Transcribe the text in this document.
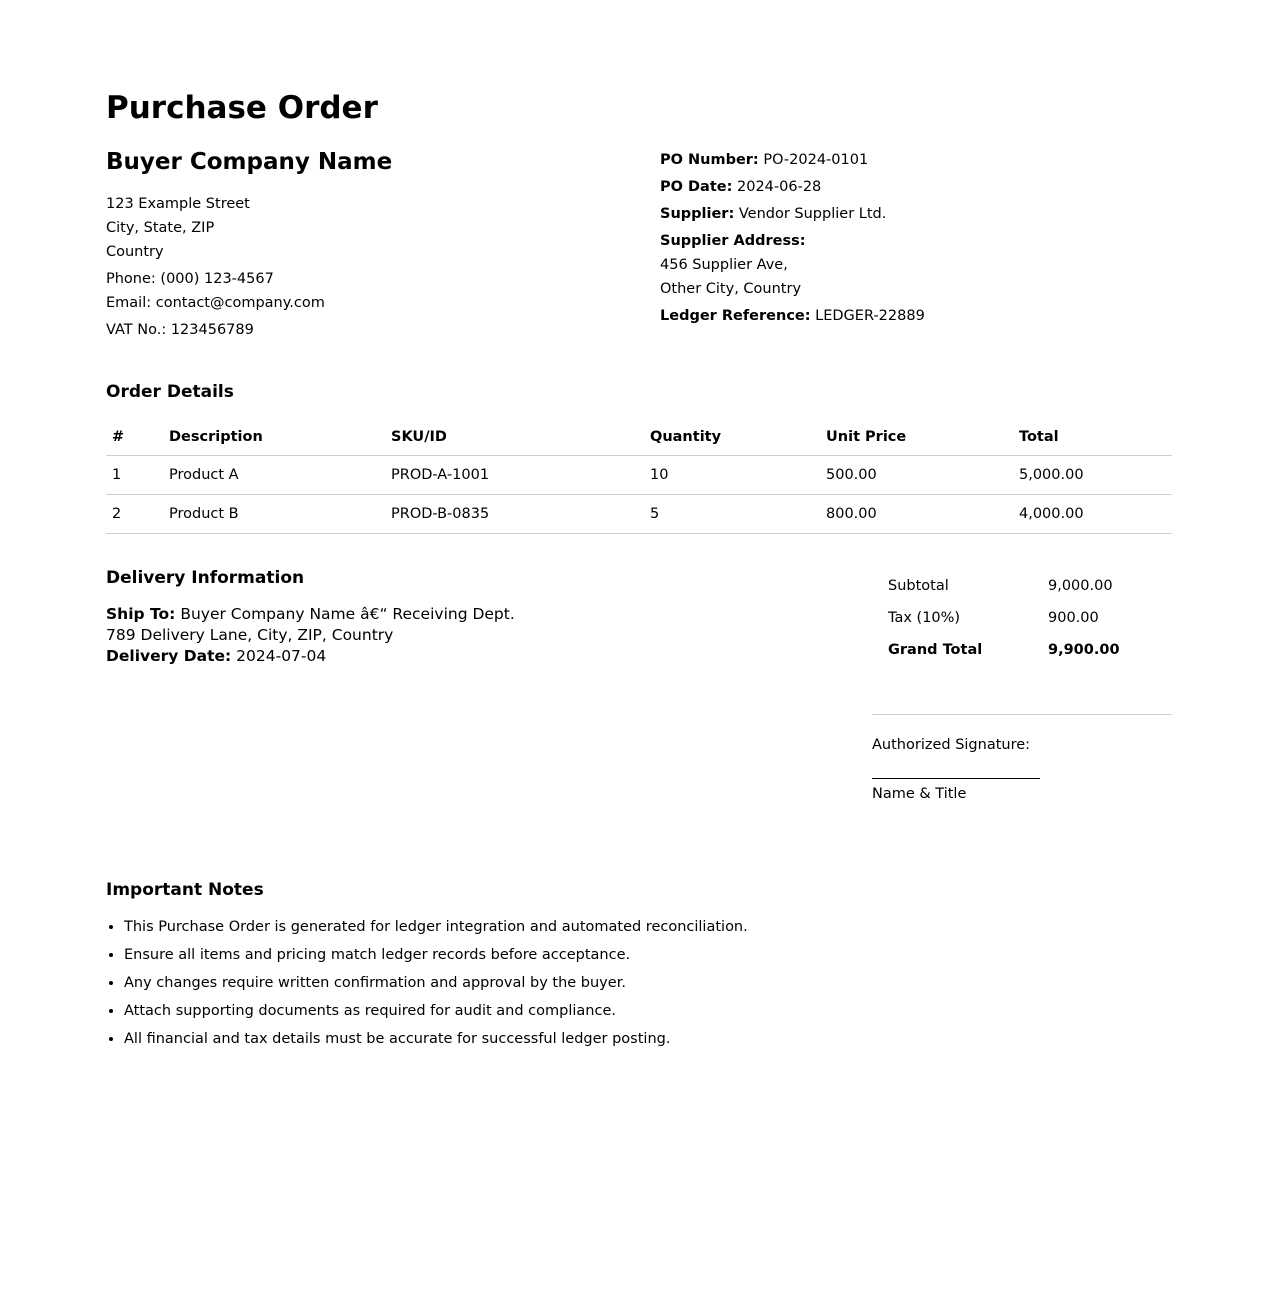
Purchase Order
Buyer Company Name
123 Example Street
City, State, ZIP
Country
Phone: (000) 123-4567
Email: contact@company.com
VAT No.: 123456789
PO Number: PO-2024-0101
PO Date: 2024-06-28
Supplier: Vendor Supplier Ltd.
Supplier Address:
456 Supplier Ave,
Other City, Country
Ledger Reference: LEDGER-22889
Order Details
#	Description	SKU/ID	Quantity	Unit Price	Total
1	Product A	PROD-A-1001	10	500.00	5,000.00
2	Product B	PROD-B-0835	5	800.00	4,000.00
Delivery Information
Ship To: Buyer Company Name â€“ Receiving Dept.
789 Delivery Lane, City, ZIP, Country
Delivery Date: 2024-07-04
Subtotal	9,000.00
Tax (10%)	900.00
Grand Total	9,900.00
Authorized Signature:
Name & Title
Important Notes
• This Purchase Order is generated for ledger integration and automated reconciliation.
• Ensure all items and pricing match ledger records before acceptance.
• Any changes require written confirmation and approval by the buyer.
• Attach supporting documents as required for audit and compliance.
• All financial and tax details must be accurate for successful ledger posting.
